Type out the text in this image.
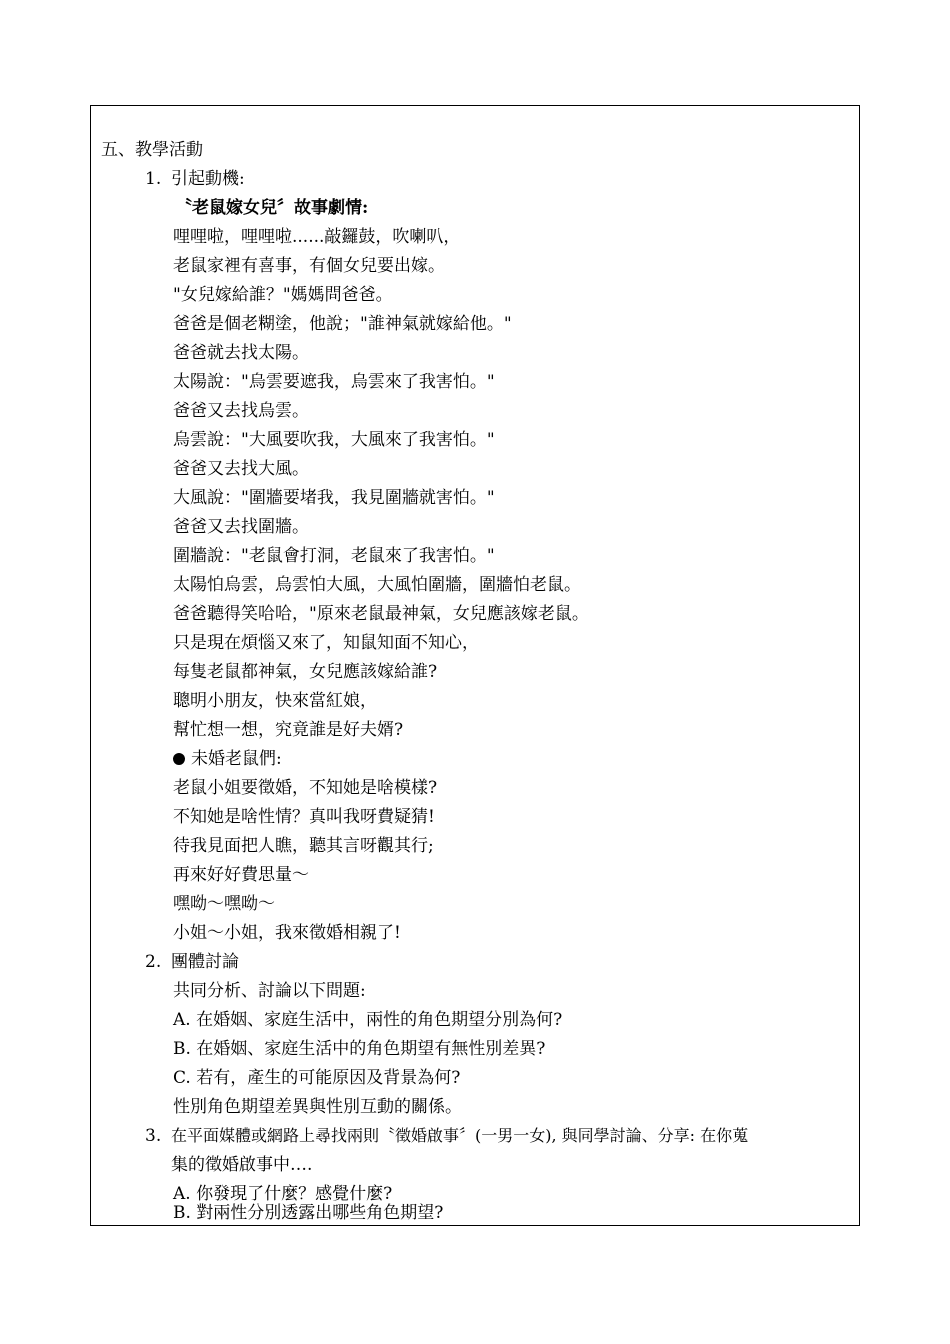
五、教學活動
1. 引起動機:
〝老鼠嫁女兒〞故事劇情:
哩哩啦，哩哩啦......敲鑼鼓，吹喇叭，
老鼠家裡有喜事，有個女兒要出嫁。
"女兒嫁給誰？"媽媽問爸爸。
爸爸是個老糊塗，他說；"誰神氣就嫁給他。"
爸爸就去找太陽。
太陽說："烏雲要遮我，烏雲來了我害怕。"
爸爸又去找烏雲。
烏雲說："大風要吹我，大風來了我害怕。"
爸爸又去找大風。
大風說："圍牆要堵我，我見圍牆就害怕。"
爸爸又去找圍牆。
圍牆說："老鼠會打洞，老鼠來了我害怕。"
太陽怕烏雲，烏雲怕大風，大風怕圍牆，圍牆怕老鼠。
爸爸聽得笑哈哈，"原來老鼠最神氣，女兒應該嫁老鼠。
只是現在煩惱又來了，知鼠知面不知心，
每隻老鼠都神氣，女兒應該嫁給誰?
聰明小朋友，快來當紅娘，
幫忙想一想，究竟誰是好夫婿?
未婚老鼠們:
老鼠小姐要徵婚，不知她是啥模樣?
不知她是啥性情？真叫我呀費疑猜!
待我見面把人瞧，聽其言呀觀其行;
再來好好費思量～
嘿呦～嘿呦～
小姐～小姐，我來徵婚相親了!
2. 團體討論
共同分析、討論以下問題:
A. 在婚姻、家庭生活中，兩性的角色期望分別為何?
B. 在婚姻、家庭生活中的角色期望有無性別差異?
C. 若有，產生的可能原因及背景為何?
性別角色期望差異與性別互動的關係。
3. 在平面媒體或網路上尋找兩則〝徵婚啟事〞(一男一女), 與同學討論、分享: 在你蒐
集的徵婚啟事中….
A. 你發現了什麼？感覺什麼?
B. 對兩性分別透露出哪些角色期望?
